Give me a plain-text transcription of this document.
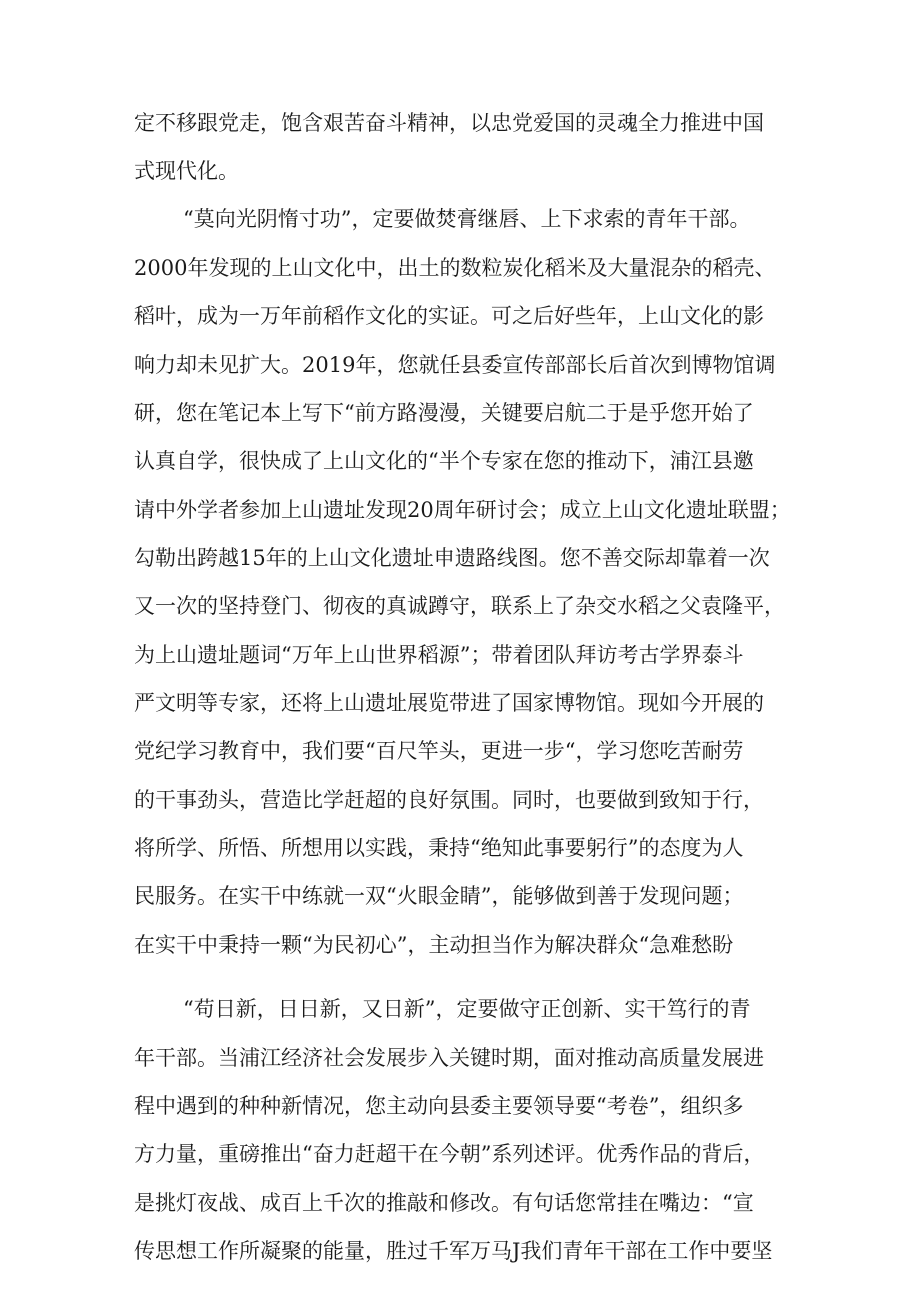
定不移跟党走，饱含艰苦奋斗精神，以忠党爱国的灵魂全力推进中国
式现代化。
“莫向光阴惰寸功”，定要做焚膏继唇、上下求索的青年干部。
2000年发现的上山文化中，出土的数粒炭化稻米及大量混杂的稻壳、
稻叶，成为一万年前稻作文化的实证。可之后好些年，上山文化的影
响力却未见扩大。2019年，您就任县委宣传部部长后首次到博物馆调
研，您在笔记本上写下“前方路漫漫，关键要启航二于是乎您开始了
认真自学，很快成了上山文化的“半个专家在您的推动下，浦江县邀
请中外学者参加上山遗址发现20周年研讨会；成立上山文化遗址联盟；
勾勒出跨越15年的上山文化遗址申遗路线图。您不善交际却靠着一次
又一次的坚持登门、彻夜的真诚蹲守，联系上了杂交水稻之父袁隆平，
为上山遗址题词“万年上山世界稻源”；带着团队拜访考古学界泰斗
严文明等专家，还将上山遗址展览带进了国家博物馆。现如今开展的
党纪学习教育中，我们要“百尺竿头，更进一步“，学习您吃苦耐劳
的干事劲头，营造比学赶超的良好氛围。同时，也要做到致知于行，
将所学、所悟、所想用以实践，秉持“绝知此事要躬行”的态度为人
民服务。在实干中练就一双“火眼金睛”，能够做到善于发现问题；
在实干中秉持一颗“为民初心”，主动担当作为解决群众“急难愁盼
“苟日新，日日新，又日新”，定要做守正创新、实干笃行的青
年干部。当浦江经济社会发展步入关键时期，面对推动高质量发展进
程中遇到的种种新情况，您主动向县委主要领导要“考卷”，组织多
方力量，重磅推出“奋力赶超干在今朝”系列述评。优秀作品的背后，
是挑灯夜战、成百上千次的推敲和修改。有句话您常挂在嘴边：“宣
传思想工作所凝聚的能量，胜过千军万马J我们青年干部在工作中要坚
